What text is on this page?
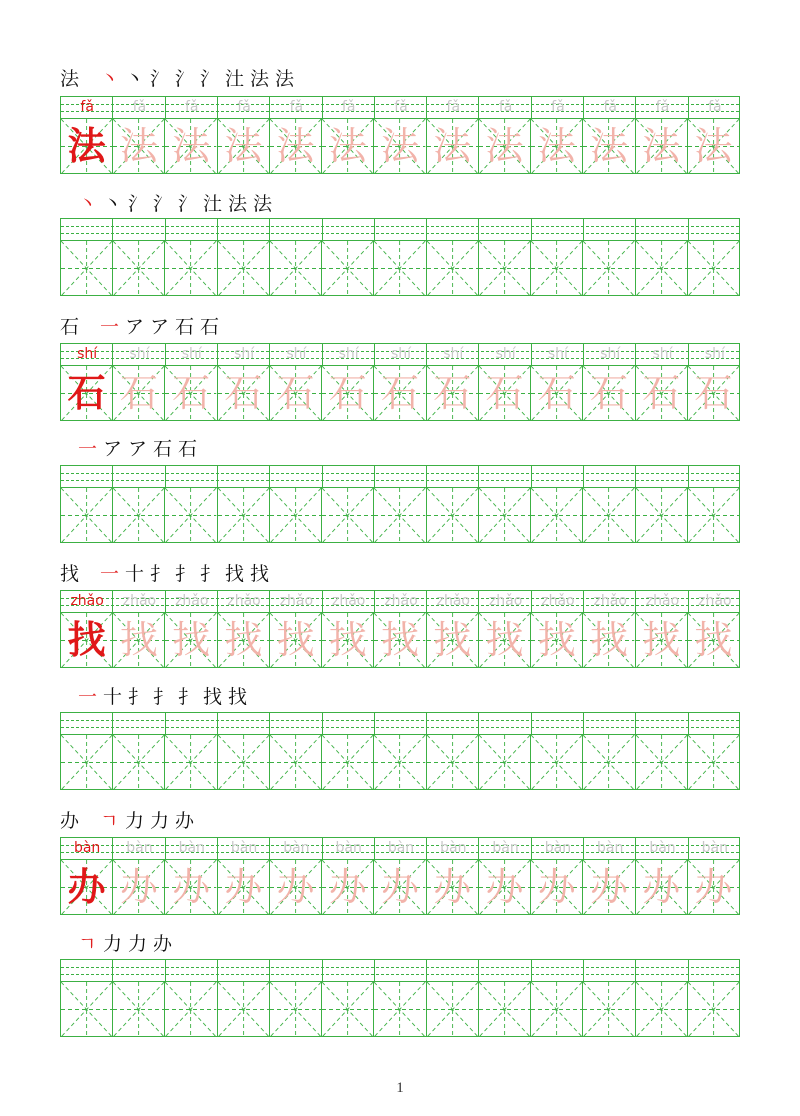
法	丶 丶 氵 氵 氵 汢 法 法
fǎ	fǎ	fǎ	fǎ	fǎ	fǎ	fǎ	fǎ	fǎ	fǎ	fǎ	fǎ	fǎ
法 法 法 法 法 法 法 法 法 法 法 法 法
丶 丶 氵 氵 氵 汢 法 法
石	一 ア ア 石 石
shí	shí	shí	shí	shí	shí	shí	shí	shí	shí	shí	shí	shí
石 石 石 石 石 石 石 石 石 石 石 石 石
一 ア ア 石 石
找	一 十 扌 扌 扌 找 找
zhǎo	zhǎo	zhǎo	zhǎo	zhǎo	zhǎo	zhǎo	zhǎo	zhǎo	zhǎo	zhǎo	zhǎo	zhǎo
找 找 找 找 找 找 找 找 找 找 找 找 找
一 十 扌 扌 扌 找 找
办	ㄱ 力 力 办
bàn	bàn	bàn	bàn	bàn	bàn	bàn	bàn	bàn	bàn	bàn	bàn	bàn
办 办 办 办 办 办 办 办 办 办 办 办 办
ㄱ 力 力 办
1
